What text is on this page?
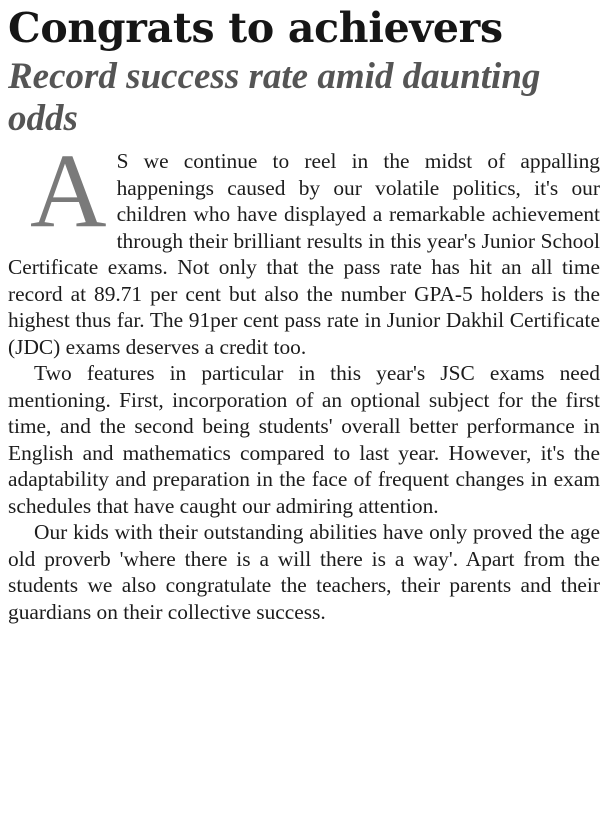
Congrats to achievers
Record success rate amid daunting odds

A S we continue to reel in the midst of appalling happenings caused by our volatile politics, it's our children who have displayed a remarkable achievement through their brilliant results in this year's Junior School Certificate exams. Not only that the pass rate has hit an all time record at 89.71 per cent but also the number GPA-5 holders is the highest thus far. The 91per cent pass rate in Junior Dakhil Certificate (JDC) exams deserves a credit too.

Two features in particular in this year's JSC exams need mentioning. First, incorporation of an optional subject for the first time, and the second being students' overall better performance in English and mathematics compared to last year. However, it's the adaptability and preparation in the face of frequent changes in exam schedules that have caught our admiring attention.

Our kids with their outstanding abilities have only proved the age old proverb 'where there is a will there is a way'. Apart from the students we also congratulate the teachers, their parents and their guardians on their collective success.
